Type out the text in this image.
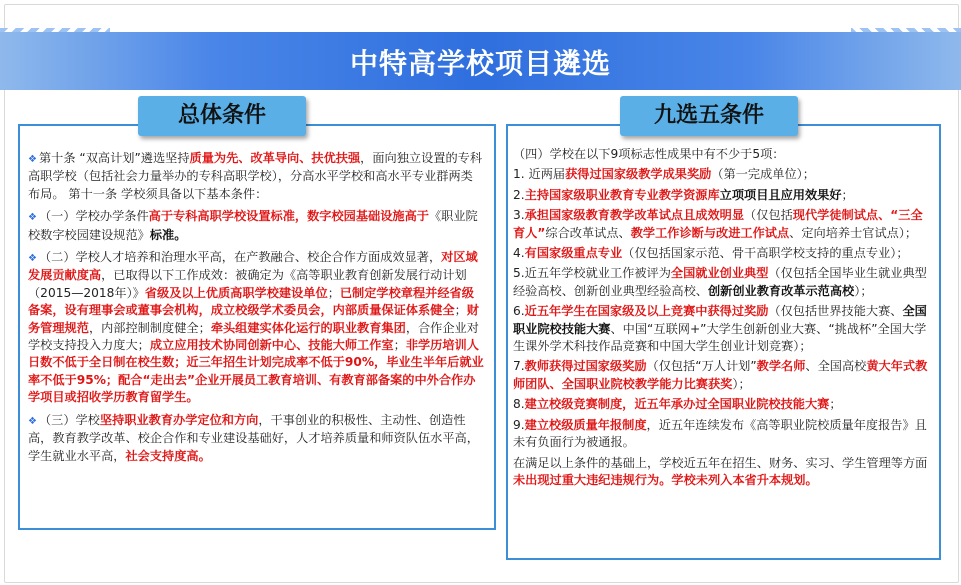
中特高学校项目遴选
总体条件	九选五条件

❖ 第十条 “双高计划”遴选坚持质量为先、改革导向、扶优扶强，面向独立设置的专科高职学校（包括社会力量举办的专科高职学校），分高水平学校和高水平专业群两类布局。 第十一条 学校须具备以下基本条件：

❖ （一）学校办学条件高于专科高职学校设置标准，数字校园基础设施高于《职业院校数字校园建设规范》标准。

❖ （二）学校人才培养和治理水平高，在产教融合、校企合作方面成效显著，对区域发展贡献度高，已取得以下工作成效：被确定为《高等职业教育创新发展行动计划（2015—2018年）》省级及以上优质高职学校建设单位；已制定学校章程并经省级备案，设有理事会或董事会机构，成立校级学术委员会，内部质量保证体系健全；财务管理规范，内部控制制度健全；牵头组建实体化运行的职业教育集团，合作企业对学校支持投入力度大；成立应用技术协同创新中心、技能大师工作室；非学历培训人日数不低于全日制在校生数；近三年招生计划完成率不低于90%，毕业生半年后就业率不低于95%；配合“走出去”企业开展员工教育培训、有教育部备案的中外合作办学项目或招收学历教育留学生。

❖ （三）学校坚持职业教育办学定位和方向，干事创业的积极性、主动性、创造性高，教育教学改革、校企合作和专业建设基础好，人才培养质量和师资队伍水平高，学生就业水平高，社会支持度高。

（四）学校在以下9项标志性成果中有不少于5项：

1. 近两届获得过国家级教学成果奖励（第一完成单位）；

2.主持国家级职业教育专业教学资源库立项项目且应用效果好；

3.承担国家级教育教学改革试点且成效明显（仅包括现代学徒制试点、“三全育人”综合改革试点、教学工作诊断与改进工作试点、定向培养士官试点）；

4.有国家级重点专业（仅包括国家示范、骨干高职学校支持的重点专业）；

5.近五年学校就业工作被评为全国就业创业典型（仅包括全国毕业生就业典型经验高校、创新创业典型经验高校、创新创业教育改革示范高校）；

6.近五年学生在国家级及以上竞赛中获得过奖励（仅包括世界技能大赛、全国职业院校技能大赛、中国“互联网+”大学生创新创业大赛、“挑战杯”全国大学生课外学术科技作品竞赛和中国大学生创业计划竞赛）；

7.教师获得过国家级奖励（仅包括“万人计划”教学名师、全国高校黄大年式教师团队、全国职业院校教学能力比赛获奖）；

8.建立校级竞赛制度，近五年承办过全国职业院校技能大赛；

9.建立校级质量年报制度，近五年连续发布《高等职业院校质量年度报告》且未有负面行为被通报。

在满足以上条件的基础上，学校近五年在招生、财务、实习、学生管理等方面未出现过重大违纪违规行为。学校未列入本省升本规划。
